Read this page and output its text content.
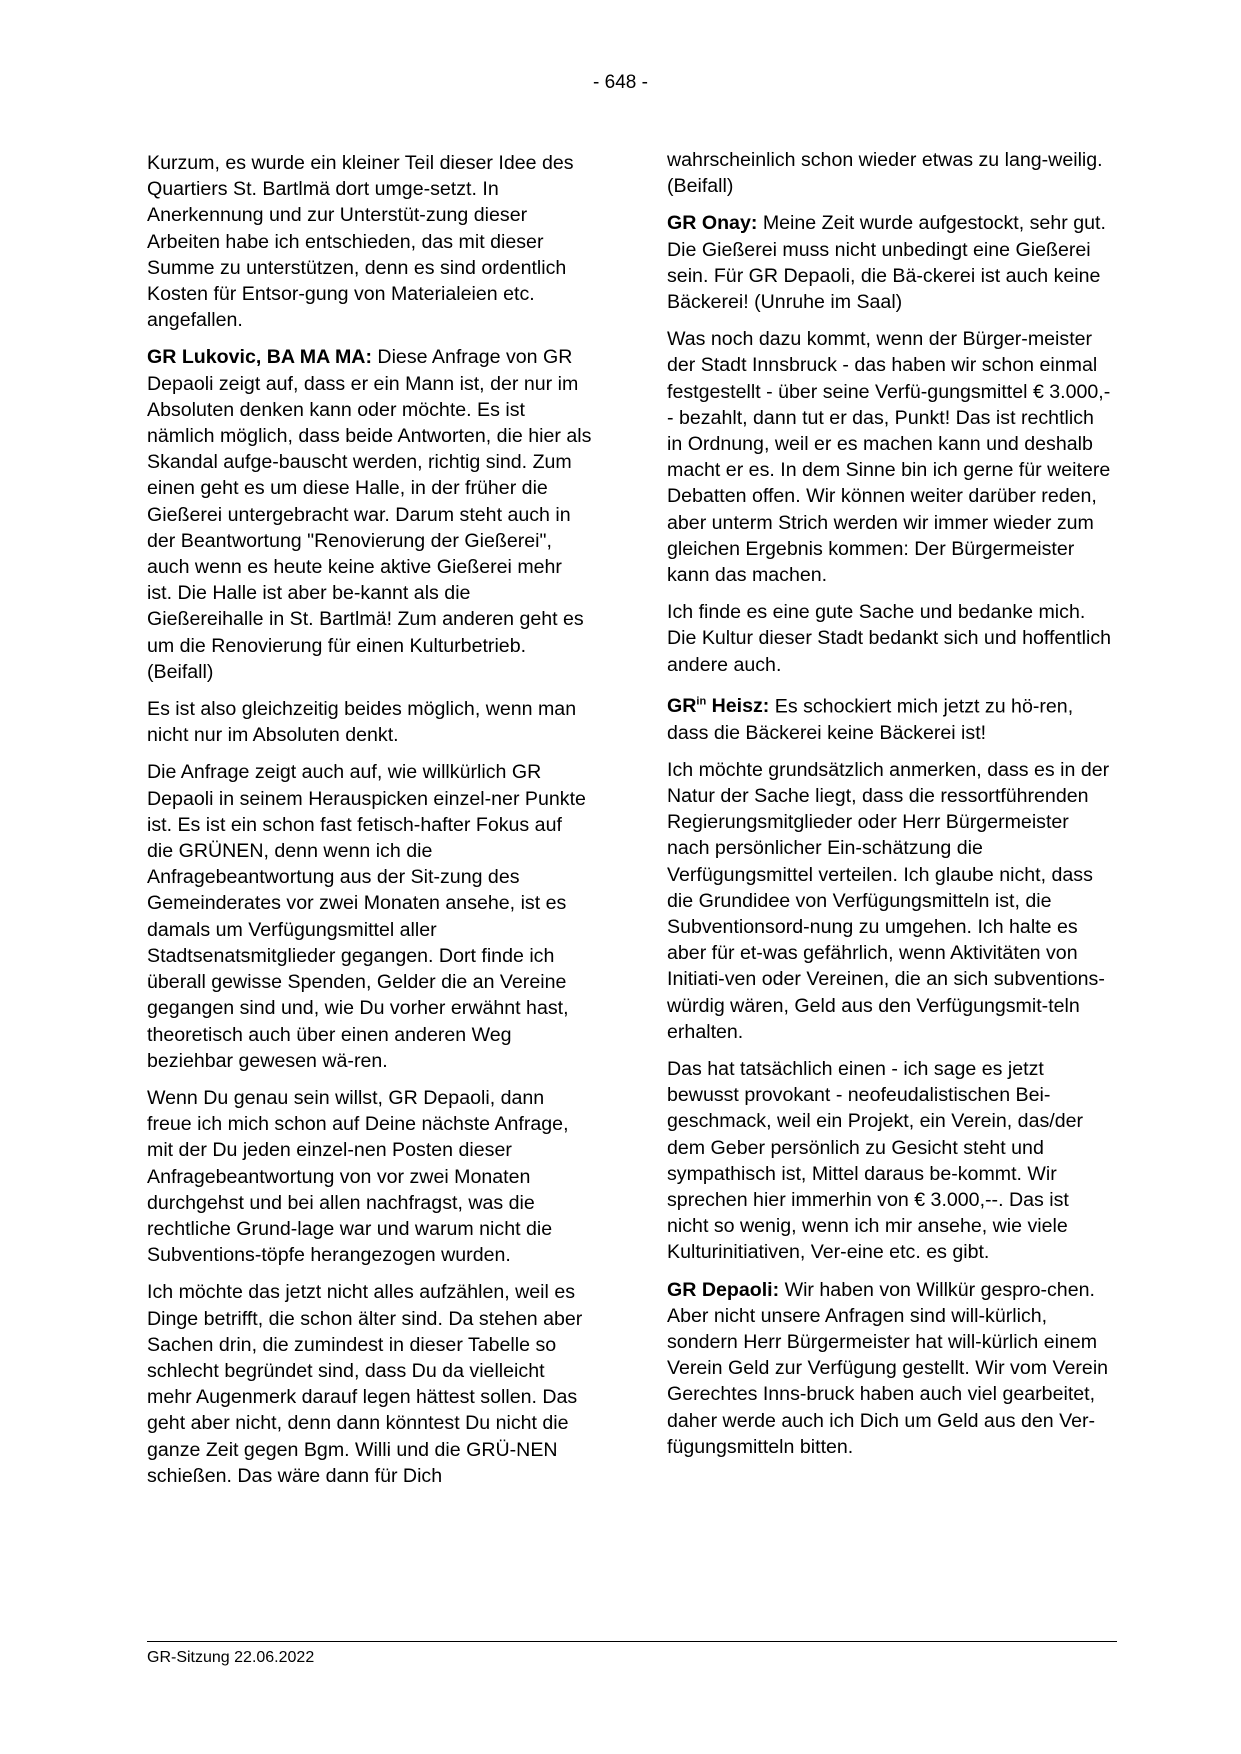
- 648 -

Kurzum, es wurde ein kleiner Teil dieser Idee des Quartiers St. Bartlmä dort umge-setzt. In Anerkennung und zur Unterstüt-zung dieser Arbeiten habe ich entschieden, das mit dieser Summe zu unterstützen, denn es sind ordentlich Kosten für Entsor-gung von Materialeien etc. angefallen.

GR Lukovic, BA MA MA: Diese Anfrage von GR Depaoli zeigt auf, dass er ein Mann ist, der nur im Absoluten denken kann oder möchte. Es ist nämlich möglich, dass beide Antworten, die hier als Skandal aufge-bauscht werden, richtig sind. Zum einen geht es um diese Halle, in der früher die Gießerei untergebracht war. Darum steht auch in der Beantwortung "Renovierung der Gießerei", auch wenn es heute keine aktive Gießerei mehr ist. Die Halle ist aber be-kannt als die Gießereihalle in St. Bartlmä! Zum anderen geht es um die Renovierung für einen Kulturbetrieb. (Beifall)

Es ist also gleichzeitig beides möglich, wenn man nicht nur im Absoluten denkt.

Die Anfrage zeigt auch auf, wie willkürlich GR Depaoli in seinem Herauspicken einzel-ner Punkte ist. Es ist ein schon fast fetisch-hafter Fokus auf die GRÜNEN, denn wenn ich die Anfragebeantwortung aus der Sit-zung des Gemeinderates vor zwei Monaten ansehe, ist es damals um Verfügungsmittel aller Stadtsenatsmitglieder gegangen. Dort finde ich überall gewisse Spenden, Gelder die an Vereine gegangen sind und, wie Du vorher erwähnt hast, theoretisch auch über einen anderen Weg beziehbar gewesen wä-ren.

Wenn Du genau sein willst, GR Depaoli, dann freue ich mich schon auf Deine nächste Anfrage, mit der Du jeden einzel-nen Posten dieser Anfragebeantwortung von vor zwei Monaten durchgehst und bei allen nachfragst, was die rechtliche Grund-lage war und warum nicht die Subventions-töpfe herangezogen wurden.

Ich möchte das jetzt nicht alles aufzählen, weil es Dinge betrifft, die schon älter sind. Da stehen aber Sachen drin, die zumindest in dieser Tabelle so schlecht begründet sind, dass Du da vielleicht mehr Augenmerk darauf legen hättest sollen. Das geht aber nicht, denn dann könntest Du nicht die ganze Zeit gegen Bgm. Willi und die GRÜ-NEN schießen. Das wäre dann für Dich

wahrscheinlich schon wieder etwas zu lang-weilig. (Beifall)

GR Onay: Meine Zeit wurde aufgestockt, sehr gut. Die Gießerei muss nicht unbedingt eine Gießerei sein. Für GR Depaoli, die Bä-ckerei ist auch keine Bäckerei! (Unruhe im Saal)

Was noch dazu kommt, wenn der Bürger-meister der Stadt Innsbruck - das haben wir schon einmal festgestellt - über seine Verfü-gungsmittel € 3.000,-- bezahlt, dann tut er das, Punkt! Das ist rechtlich in Ordnung, weil er es machen kann und deshalb macht er es. In dem Sinne bin ich gerne für weitere Debatten offen. Wir können weiter darüber reden, aber unterm Strich werden wir immer wieder zum gleichen Ergebnis kommen: Der Bürgermeister kann das machen.

Ich finde es eine gute Sache und bedanke mich. Die Kultur dieser Stadt bedankt sich und hoffentlich andere auch.

$GR^{in}$ Heisz: Es schockiert mich jetzt zu hö-ren, dass die Bäckerei keine Bäckerei ist!

Ich möchte grundsätzlich anmerken, dass es in der Natur der Sache liegt, dass die ressortführenden Regierungsmitglieder oder Herr Bürgermeister nach persönlicher Ein-schätzung die Verfügungsmittel verteilen. Ich glaube nicht, dass die Grundidee von Verfügungsmitteln ist, die Subventionsord-nung zu umgehen. Ich halte es aber für et-was gefährlich, wenn Aktivitäten von Initiati-ven oder Vereinen, die an sich subventions-würdig wären, Geld aus den Verfügungsmit-teln erhalten.

Das hat tatsächlich einen - ich sage es jetzt bewusst provokant - neofeudalistischen Bei-geschmack, weil ein Projekt, ein Verein, das/der dem Geber persönlich zu Gesicht steht und sympathisch ist, Mittel daraus be-kommt. Wir sprechen hier immerhin von € 3.000,--. Das ist nicht so wenig, wenn ich mir ansehe, wie viele Kulturinitiativen, Ver-eine etc. es gibt.

GR Depaoli: Wir haben von Willkür gespro-chen. Aber nicht unsere Anfragen sind will-kürlich, sondern Herr Bürgermeister hat will-kürlich einem Verein Geld zur Verfügung gestellt. Wir vom Verein Gerechtes Inns-bruck haben auch viel gearbeitet, daher werde auch ich Dich um Geld aus den Ver-fügungsmitteln bitten.

GR-Sitzung 22.06.2022
